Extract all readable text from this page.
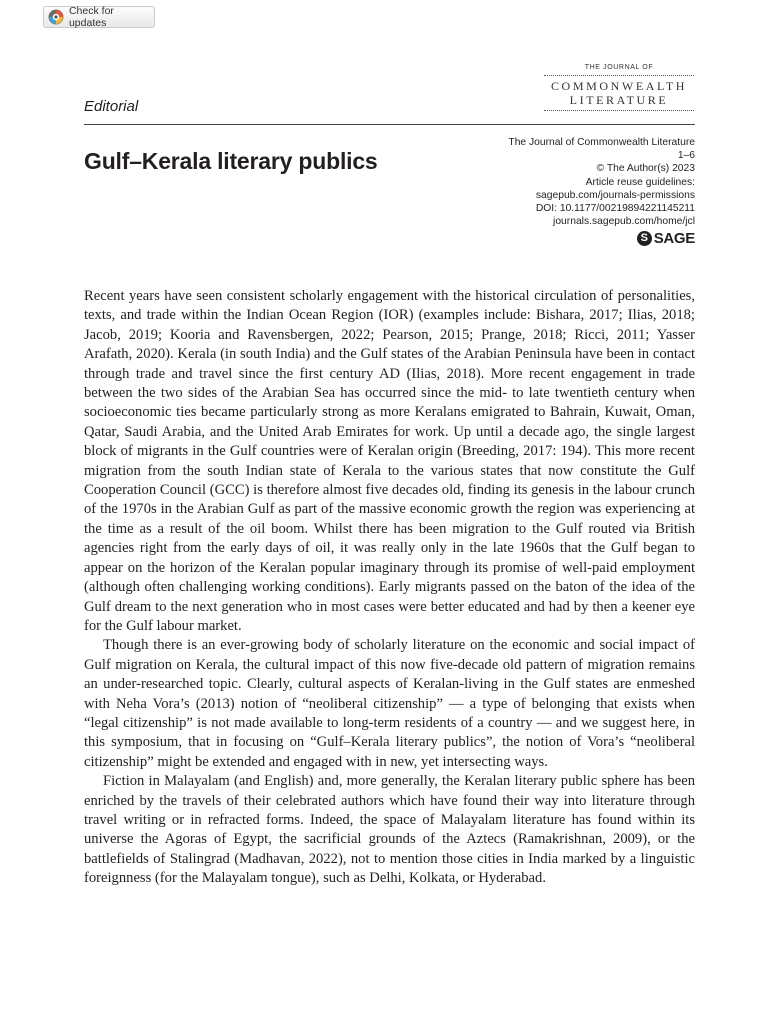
Check for updates
THE JOURNAL OF
COMMONWEALTH
LITERATURE
Editorial
Gulf–Kerala literary publics
The Journal of Commonwealth Literature
1–6
© The Author(s) 2023
Article reuse guidelines:
sagepub.com/journals-permissions
DOI: 10.1177/00219894221145211
journals.sagepub.com/home/jcl
S SAGE

Recent years have seen consistent scholarly engagement with the historical circulation of personalities, texts, and trade within the Indian Ocean Region (IOR) (examples include: Bishara, 2017; Ilias, 2018; Jacob, 2019; Kooria and Ravensbergen, 2022; Pearson, 2015; Prange, 2018; Ricci, 2011; Yasser Arafath, 2020). Kerala (in south India) and the Gulf states of the Arabian Peninsula have been in contact through trade and travel since the first century AD (Ilias, 2018). More recent engagement in trade between the two sides of the Arabian Sea has occurred since the mid- to late twentieth century when socioeconomic ties became particularly strong as more Keralans emigrated to Bahrain, Kuwait, Oman, Qatar, Saudi Arabia, and the United Arab Emirates for work. Up until a decade ago, the single largest block of migrants in the Gulf countries were of Keralan origin (Breeding, 2017: 194). This more recent migration from the south Indian state of Kerala to the various states that now constitute the Gulf Cooperation Council (GCC) is therefore almost five decades old, finding its genesis in the labour crunch of the 1970s in the Arabian Gulf as part of the massive economic growth the region was experiencing at the time as a result of the oil boom. Whilst there has been migration to the Gulf routed via British agencies right from the early days of oil, it was really only in the late 1960s that the Gulf began to appear on the horizon of the Keralan popular imaginary through its promise of well-paid employment (although often challenging working conditions). Early migrants passed on the baton of the idea of the Gulf dream to the next generation who in most cases were better educated and had by then a keener eye for the Gulf labour market.

Though there is an ever-growing body of scholarly literature on the economic and social impact of Gulf migration on Kerala, the cultural impact of this now five-decade old pattern of migration remains an under-researched topic. Clearly, cultural aspects of Keralan-living in the Gulf states are enmeshed with Neha Vora’s (2013) notion of “neoliberal citizenship” — a type of belonging that exists when “legal citizenship” is not made available to long-term residents of a country — and we suggest here, in this symposium, that in focusing on “Gulf–Kerala literary publics”, the notion of Vora’s “neoliberal citizenship” might be extended and engaged with in new, yet intersecting ways.

Fiction in Malayalam (and English) and, more generally, the Keralan literary public sphere has been enriched by the travels of their celebrated authors which have found their way into literature through travel writing or in refracted forms. Indeed, the space of Malayalam literature has found within its universe the Agoras of Egypt, the sacrificial grounds of the Aztecs (Ramakrishnan, 2009), or the battlefields of Stalingrad (Madhavan, 2022), not to mention those cities in India marked by a linguistic foreignness (for the Malayalam tongue), such as Delhi, Kolkata, or Hyderabad.
